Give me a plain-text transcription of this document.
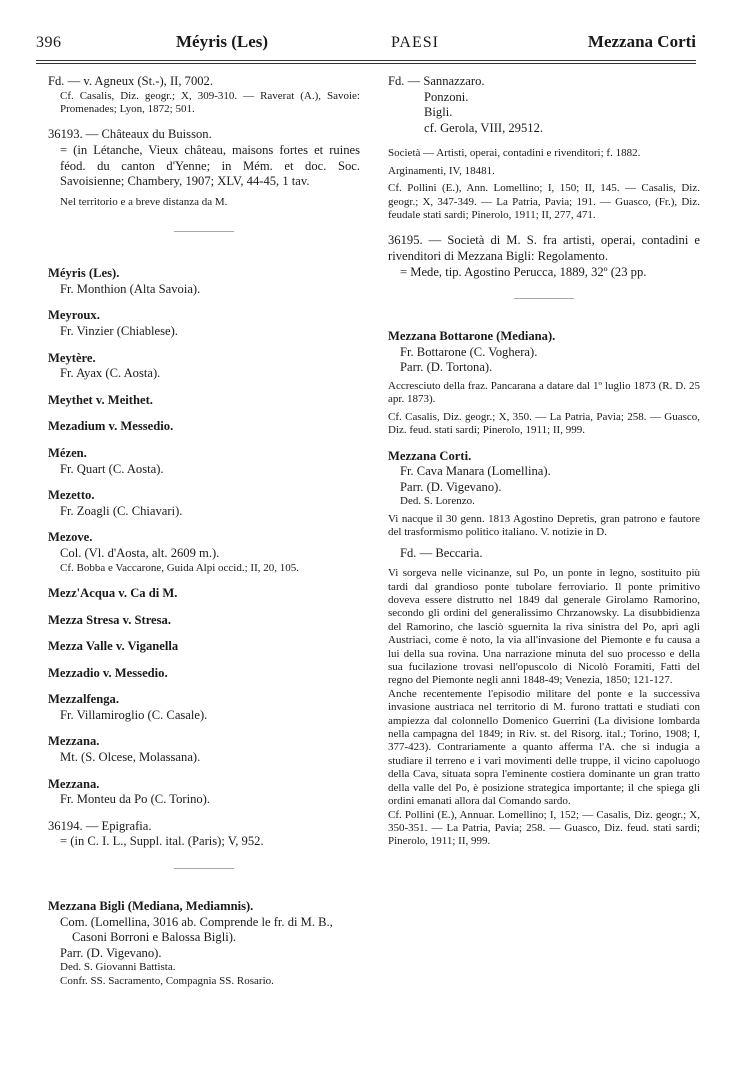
396	Méyris (Les)	PAESI	Mezzana Corti

Fd. — v. Agneux (St.-), II, 7002.

Cf. Casalis, Diz. geogr.; X, 309-310. — Raverat (A.), Savoie: Promenades; Lyon, 1872; 501.

36193. — Châteaux du Buisson.

= (in Létanche, Vieux château, maisons fortes et ruines féod. du canton d'Yenne; in Mém. et doc. Soc. Savoisienne; Chambery, 1907; XLV, 44-45, 1 tav.

Nel territorio e a breve distanza da M.

Méyris (Les).

Fr. Monthion (Alta Savoia).

Meyroux.

Fr. Vinzier (Chiablese).

Meytère.

Fr. Ayax (C. Aosta).

Meythet v. Meithet.

Mezadium v. Messedio.

Mézen.

Fr. Quart (C. Aosta).

Mezetto.

Fr. Zoagli (C. Chiavari).

Mezove.

Col. (Vl. d'Aosta, alt. 2609 m.).

Cf. Bobba e Vaccarone, Guida Alpi occid.; II, 20, 105.

Mezz'Acqua v. Ca di M.

Mezza Stresa v. Stresa.

Mezza Valle v. Viganella

Mezzadio v. Messedio.

Mezzalfenga.

Fr. Villamiroglio (C. Casale).

Mezzana.

Mt. (S. Olcese, Molassana).

Mezzana.

Fr. Monteu da Po (C. Torino).

36194. — Epigrafia.

= (in C. I. L., Suppl. ital. (Paris); V, 952.

Mezzana Bigli (Mediana, Mediamnis).

Com. (Lomellina, 3016 ab. Comprende le fr. di M. B., Casoni Borroni e Balossa Bigli).

Parr. (D. Vigevano).

Ded. S. Giovanni Battista.

Confr. SS. Sacramento, Compagnia SS. Rosario.

Fd. — Sannazzaro.

Ponzoni.

Bigli.

cf. Gerola, VIII, 29512.

Società — Artisti, operai, contadini e rivenditori; f. 1882.

Arginamenti, IV, 18481.

Cf. Pollini (E.), Ann. Lomellino; I, 150; II, 145. — Casalis, Diz. geogr.; X, 347-349. — La Patria, Pavia; 191. — Guasco, (Fr.), Diz. feudale stati sardi; Pinerolo, 1911; II, 277, 471.

36195. — Società di M. S. fra artisti, operai, contadini e rivenditori di Mezzana Bigli: Regolamento.

= Mede, tip. Agostino Perucca, 1889, 32º (23 pp.

Mezzana Bottarone (Mediana).

Fr. Bottarone (C. Voghera).

Parr. (D. Tortona).

Accresciuto della fraz. Pancarana a datare dal 1º luglio 1873 (R. D. 25 apr. 1873).

Cf. Casalis, Diz. geogr.; X, 350. — La Patria, Pavia; 258. — Guasco, Diz. feud. stati sardi; Pinerolo, 1911; II, 999.

Mezzana Corti.

Fr. Cava Manara (Lomellina).

Parr. (D. Vigevano).

Ded. S. Lorenzo.

Vi nacque il 30 genn. 1813 Agostino Depretis, gran patrono e fautore del trasformismo politico italiano. V. notizie in D.

Fd. — Beccaria.

Vi sorgeva nelle vicinanze, sul Po, un ponte in legno, sostituito più tardi dal grandioso ponte tubolare ferroviario. Il ponte primitivo doveva essere distrutto nel 1849 dal generale Girolamo Ramorino, secondo gli ordini del generalissimo Chrzanowsky. La disubbidienza del Ramorino, che lasciò sguernita la riva sinistra del Po, aprì agli Austriaci, come è noto, la via all'invasione del Piemonte e fu causa a lui della sua rovina. Una narrazione minuta del suo processo e della sua fucilazione trovasi nell'opuscolo di Nicolò Foramiti, Fatti del regno del Piemonte negli anni 1848-49; Venezia, 1850; 121-127.

Anche recentemente l'episodio militare del ponte e la successiva invasione austriaca nel territorio di M. furono trattati e studiati con ampiezza dal colonnello Domenico Guerrini (La divisione lombarda nella campagna del 1849; in Riv. st. del Risorg. ital.; Torino, 1908; I, 377-423). Contrariamente a quanto afferma l'A. che si indugia a studiare il terreno e i vari movimenti delle truppe, il vicino capoluogo della Cava, situata sopra l'eminente costiera dominante un gran tratto della valle del Po, è posizione strategica importante; il che spiega gli ordini emanati allora dal Comando sardo.

Cf. Pollini (E.), Annuar. Lomellino; I, 152; — Casalis, Diz. geogr.; X, 350-351. — La Patria, Pavia; 258. — Guasco, Diz. feud. stati sardi; Pinerolo, 1911; II, 999.
